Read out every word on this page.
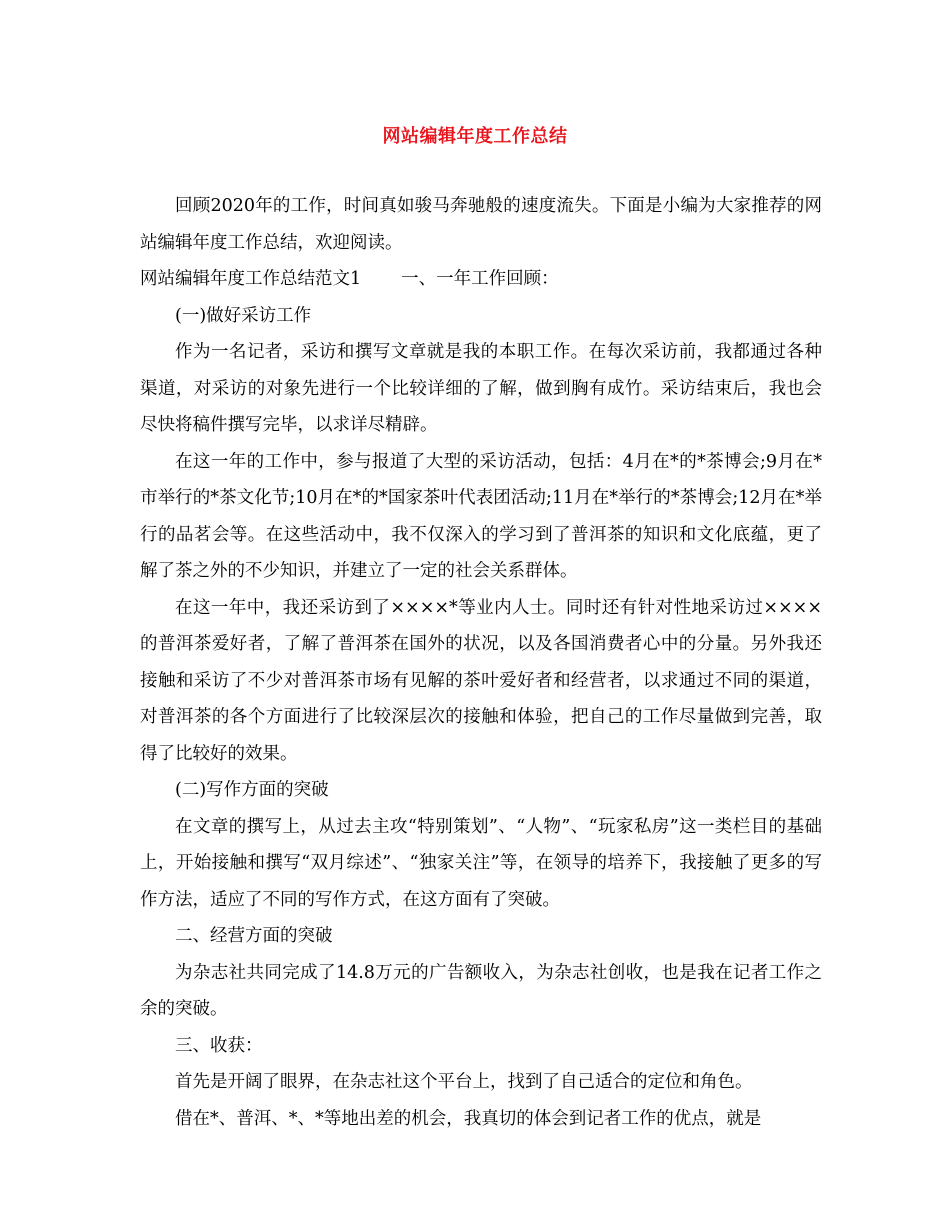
网站编辑年度工作总结

回顾2020年的工作，时间真如骏马奔驰般的速度流失。下面是小编为大家推荐的网站编辑年度工作总结，欢迎阅读。

网站编辑年度工作总结范文1 一、一年工作回顾：

(一)做好采访工作

作为一名记者，采访和撰写文章就是我的本职工作。在每次采访前，我都通过各种渠道，对采访的对象先进行一个比较详细的了解，做到胸有成竹。采访结束后，我也会尽快将稿件撰写完毕，以求详尽精辟。

在这一年的工作中，参与报道了大型的采访活动，包括：4月在*的*茶博会;9月在*市举行的*茶文化节;10月在*的*国家茶叶代表团活动;11月在*举行的*茶博会;12月在*举行的品茗会等。在这些活动中，我不仅深入的学习到了普洱茶的知识和文化底蕴，更了解了茶之外的不少知识，并建立了一定的社会关系群体。

在这一年中，我还采访到了××××*等业内人士。同时还有针对性地采访过××××的普洱茶爱好者，了解了普洱茶在国外的状况，以及各国消费者心中的分量。另外我还接触和采访了不少对普洱茶市场有见解的茶叶爱好者和经营者，以求通过不同的渠道，对普洱茶的各个方面进行了比较深层次的接触和体验，把自己的工作尽量做到完善，取得了比较好的效果。

(二)写作方面的突破

在文章的撰写上，从过去主攻“特别策划”、“人物”、“玩家私房”这一类栏目的基础上，开始接触和撰写“双月综述”、“独家关注”等，在领导的培养下，我接触了更多的写作方法，适应了不同的写作方式，在这方面有了突破。

二、经营方面的突破

为杂志社共同完成了14.8万元的广告额收入，为杂志社创收，也是我在记者工作之余的突破。

三、收获：

首先是开阔了眼界，在杂志社这个平台上，找到了自己适合的定位和角色。

借在*、普洱、*、*等地出差的机会，我真切的体会到记者工作的优点，就是
